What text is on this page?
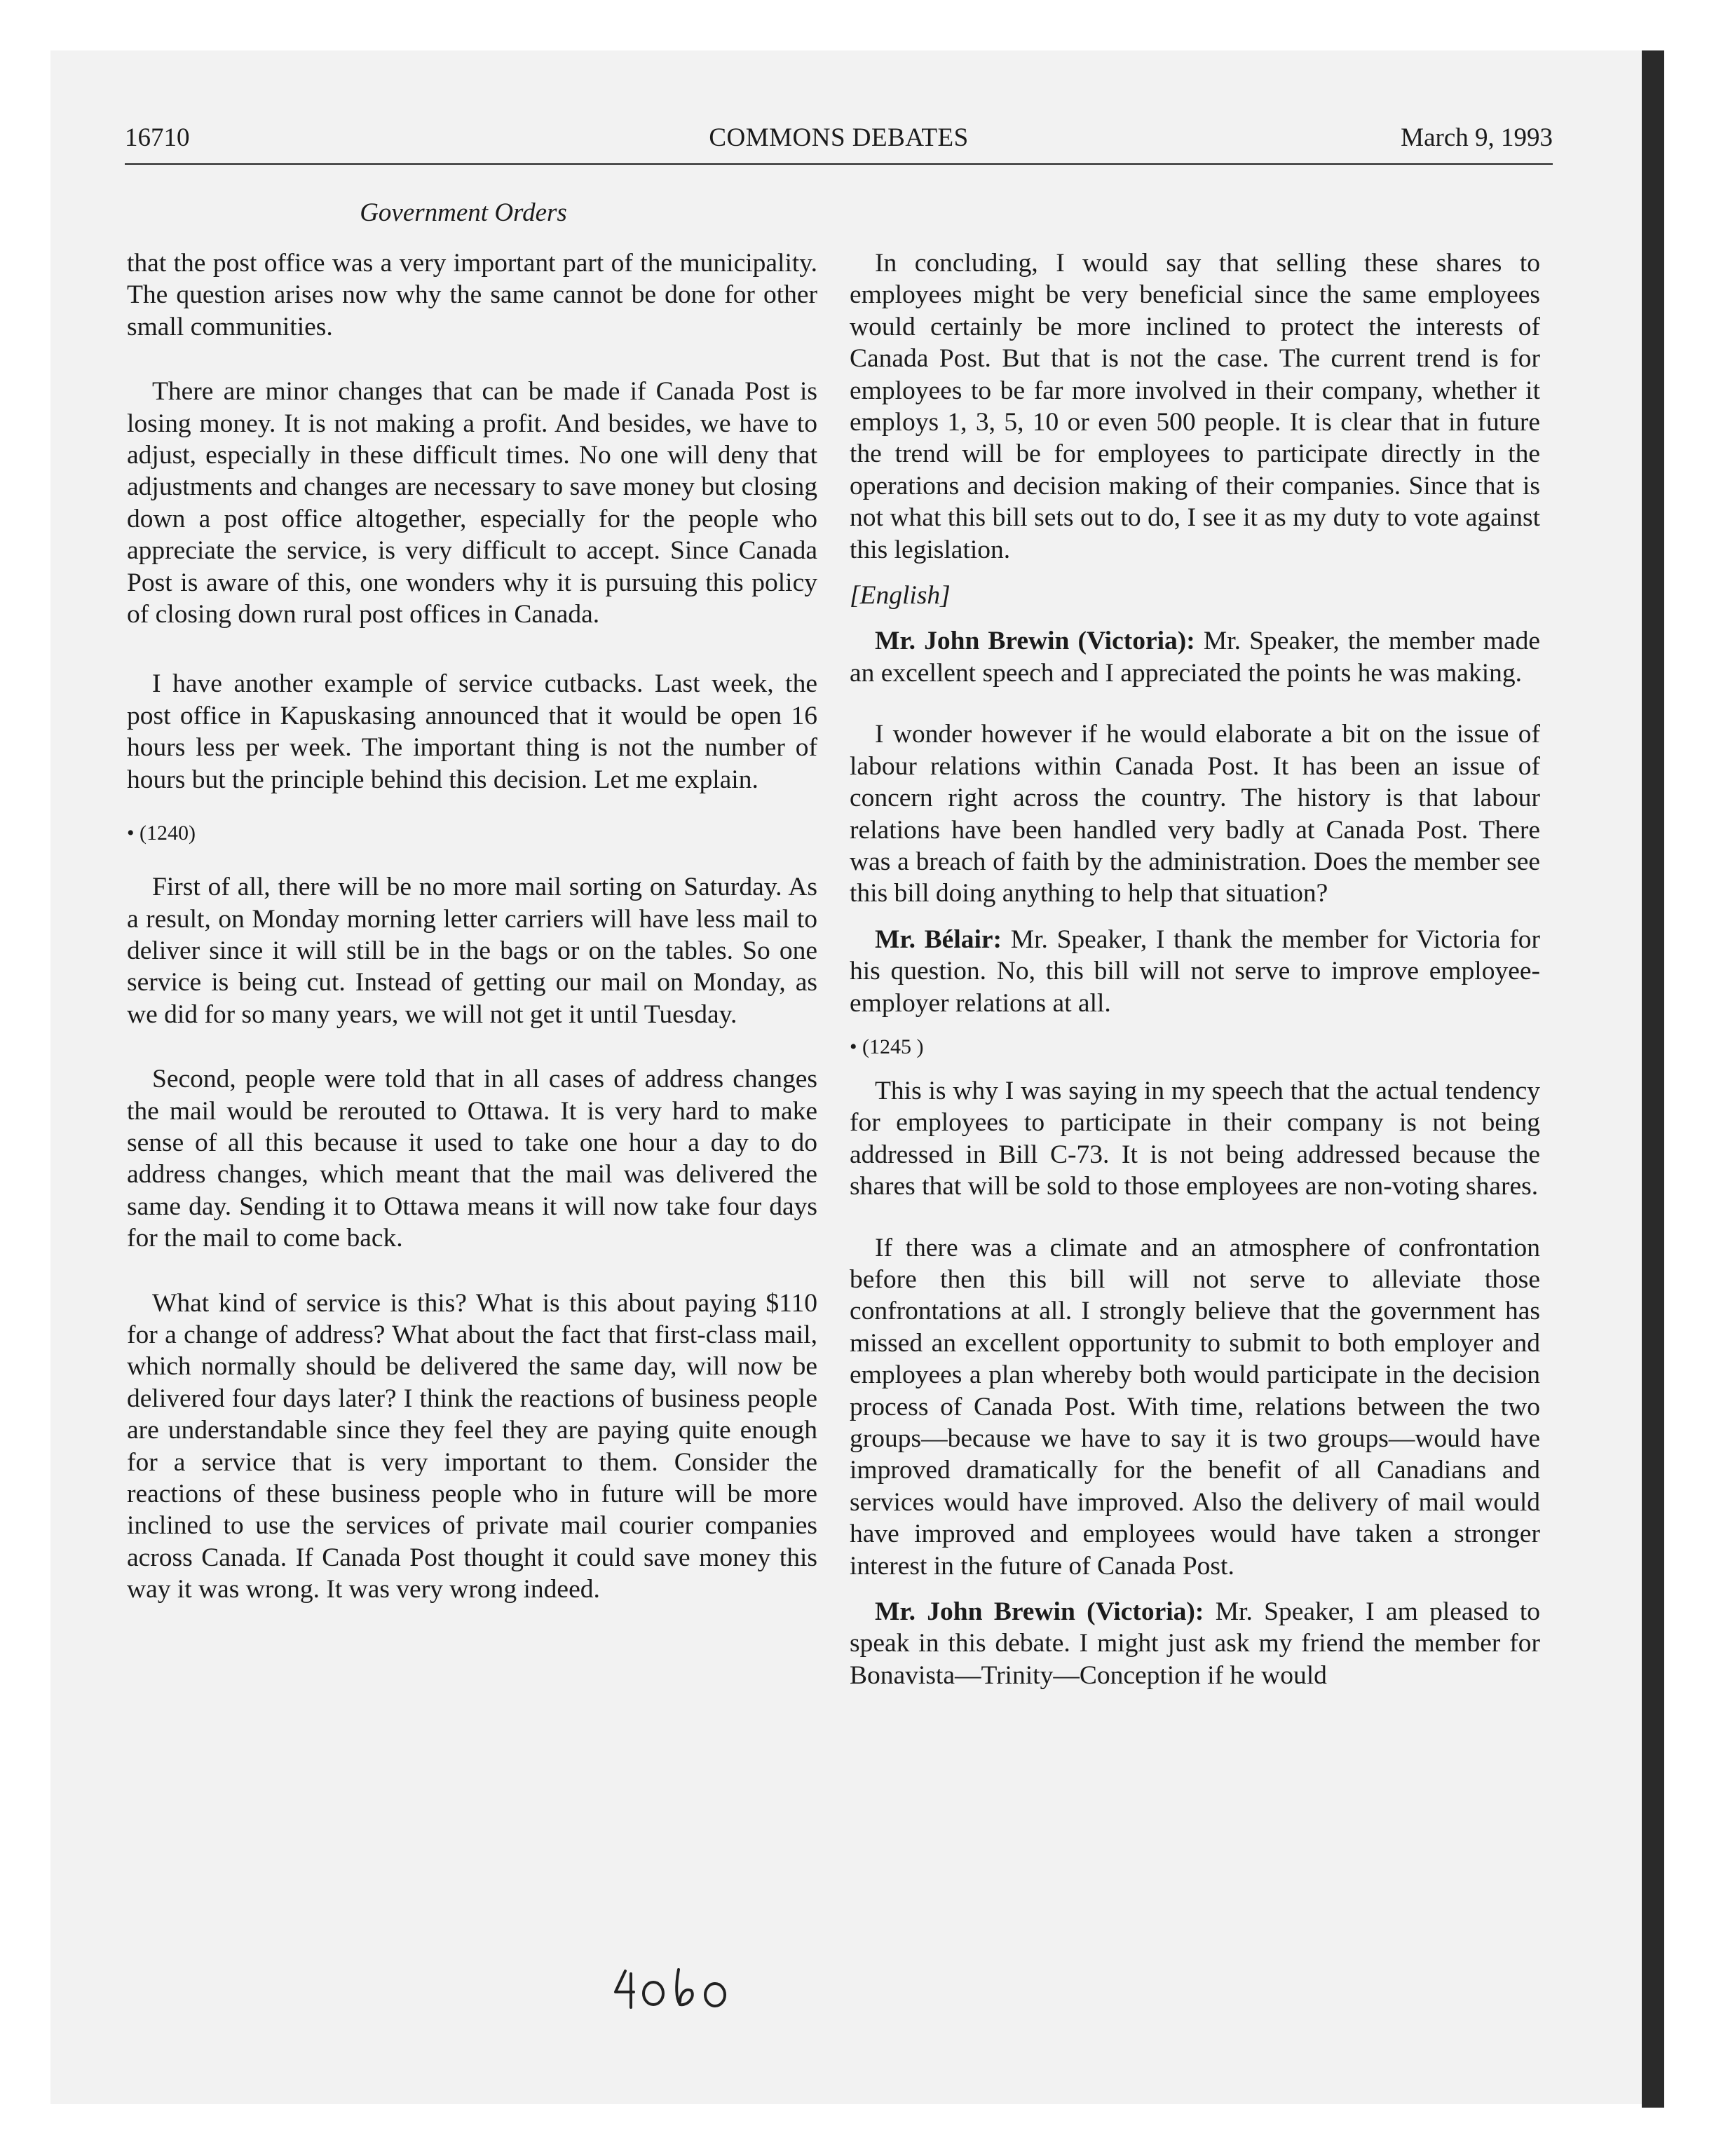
16710	COMMONS DEBATES	March 9, 1993
Government Orders

that the post office was a very important part of the municipality. The question arises now why the same cannot be done for other small communities.

There are minor changes that can be made if Canada Post is losing money. It is not making a profit. And besides, we have to adjust, especially in these difficult times. No one will deny that adjustments and changes are necessary to save money but closing down a post office altogether, especially for the people who appreciate the service, is very difficult to accept. Since Canada Post is aware of this, one wonders why it is pursuing this policy of closing down rural post offices in Canada.

I have another example of service cutbacks. Last week, the post office in Kapuskasing announced that it would be open 16 hours less per week. The important thing is not the number of hours but the principle behind this decision. Let me explain.

• (1240)

First of all, there will be no more mail sorting on Saturday. As a result, on Monday morning letter carriers will have less mail to deliver since it will still be in the bags or on the tables. So one service is being cut. Instead of getting our mail on Monday, as we did for so many years, we will not get it until Tuesday.

Second, people were told that in all cases of address changes the mail would be rerouted to Ottawa. It is very hard to make sense of all this because it used to take one hour a day to do address changes, which meant that the mail was delivered the same day. Sending it to Ottawa means it will now take four days for the mail to come back.

What kind of service is this? What is this about paying $110 for a change of address? What about the fact that first-class mail, which normally should be delivered the same day, will now be delivered four days later? I think the reactions of business people are understandable since they feel they are paying quite enough for a service that is very important to them. Consider the reactions of these business people who in future will be more inclined to use the services of private mail courier companies across Canada. If Canada Post thought it could save money this way it was wrong. It was very wrong indeed.

In concluding, I would say that selling these shares to employees might be very beneficial since the same employees would certainly be more inclined to protect the interests of Canada Post. But that is not the case. The current trend is for employees to be far more involved in their company, whether it employs 1, 3, 5, 10 or even 500 people. It is clear that in future the trend will be for employees to participate directly in the operations and decision making of their companies. Since that is not what this bill sets out to do, I see it as my duty to vote against this legislation.

[English]

Mr. John Brewin (Victoria): Mr. Speaker, the member made an excellent speech and I appreciated the points he was making.

I wonder however if he would elaborate a bit on the issue of labour relations within Canada Post. It has been an issue of concern right across the country. The history is that labour relations have been handled very badly at Canada Post. There was a breach of faith by the administration. Does the member see this bill doing anything to help that situation?

Mr. Bélair: Mr. Speaker, I thank the member for Victoria for his question. No, this bill will not serve to improve employee-employer relations at all.

• (1245 )

This is why I was saying in my speech that the actual tendency for employees to participate in their company is not being addressed in Bill C-73. It is not being addressed because the shares that will be sold to those employees are non-voting shares.

If there was a climate and an atmosphere of confrontation before then this bill will not serve to alleviate those confrontations at all. I strongly believe that the government has missed an excellent opportunity to submit to both employer and employees a plan whereby both would participate in the decision process of Canada Post. With time, relations between the two groups—because we have to say it is two groups—would have improved dramatically for the benefit of all Canadians and services would have improved. Also the delivery of mail would have improved and employees would have taken a stronger interest in the future of Canada Post.

Mr. John Brewin (Victoria): Mr. Speaker, I am pleased to speak in this debate. I might just ask my friend the member for Bonavista—Trinity—Conception if he would
